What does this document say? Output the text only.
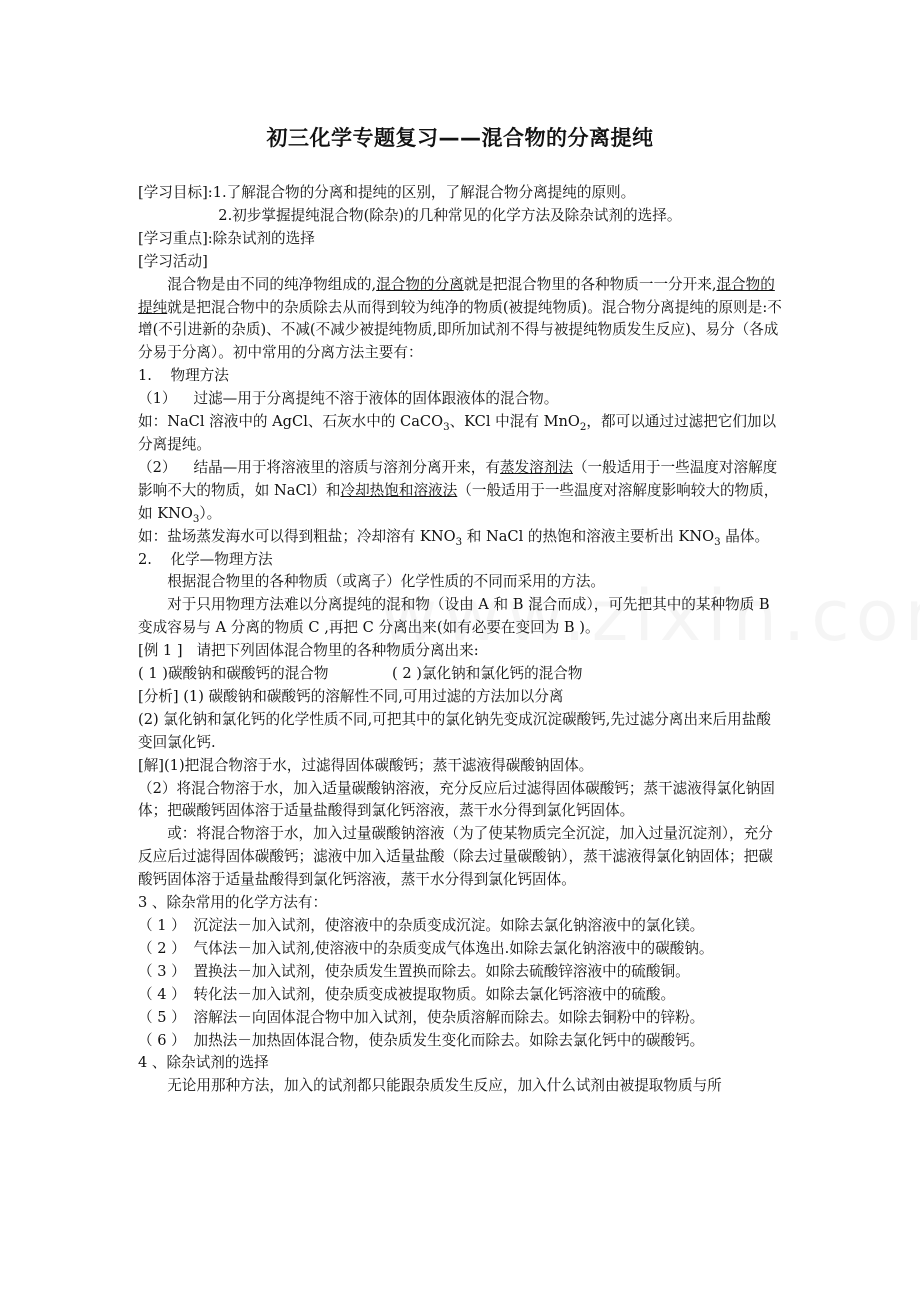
初三化学专题复习——混合物的分离提纯

[学习目标]:1.了解混合物的分离和提纯的区别，了解混合物分离提纯的原则。

2.初步掌握提纯混合物(除杂)的几种常见的化学方法及除杂试剂的选择。

[学习重点]:除杂试剂的选择

[学习活动]

混合物是由不同的纯净物组成的,混合物的分离就是把混合物里的各种物质一一分开来,混合物的提纯就是把混合物中的杂质除去从而得到较为纯净的物质(被提纯物质)。混合物分离提纯的原则是:不增(不引进新的杂质)、不减(不减少被提纯物质,即所加试剂不得与被提纯物质发生反应)、易分（各成分易于分离）。初中常用的分离方法主要有：

1.    物理方法

（1） 过滤—用于分离提纯不溶于液体的固体跟液体的混合物。

如：NaCl 溶液中的 AgCl、石灰水中的 CaCO$_3$、KCl 中混有 MnO$_2$，都可以通过过滤把它们加以分离提纯。

（2） 结晶—用于将溶液里的溶质与溶剂分离开来，有蒸发溶剂法（一般适用于一些温度对溶解度影响不大的物质，如 NaCl）和冷却热饱和溶液法（一般适用于一些温度对溶解度影响较大的物质，如 $KNO_3$）。

如：盐场蒸发海水可以得到粗盐；冷却溶有 $KNO_3$ 和 NaCl 的热饱和溶液主要析出 $KNO_3$ 晶体。

2.    化学—物理方法

根据混合物里的各种物质（或离子）化学性质的不同而采用的方法。

对于只用物理方法难以分离提纯的混和物（设由 A 和 B 混合而成），可先把其中的某种物质 B 变成容易与 A 分离的物质 C ,再把 C 分离出来(如有必要在变回为 B )。

[例 1 ]   请把下列固体混合物里的各种物质分离出来:

( 1 )碳酸钠和碳酸钙的混合物	( 2 )氯化钠和氯化钙的混合物

[分析] (1) 碳酸钠和碳酸钙的溶解性不同,可用过滤的方法加以分离

(2) 氯化钠和氯化钙的化学性质不同,可把其中的氯化钠先变成沉淀碳酸钙,先过滤分离出来后用盐酸变回氯化钙.

[解](1)把混合物溶于水，过滤得固体碳酸钙；蒸干滤液得碳酸钠固体。

（2）将混合物溶于水，加入适量碳酸钠溶液，充分反应后过滤得固体碳酸钙；蒸干滤液得氯化钠固体；把碳酸钙固体溶于适量盐酸得到氯化钙溶液，蒸干水分得到氯化钙固体。

或：将混合物溶于水，加入过量碳酸钠溶液（为了使某物质完全沉淀，加入过量沉淀剂），充分反应后过滤得固体碳酸钙；滤液中加入适量盐酸（除去过量碳酸钠），蒸干滤液得氯化钠固体；把碳酸钙固体溶于适量盐酸得到氯化钙溶液，蒸干水分得到氯化钙固体。

3 、除杂常用的化学方法有：

（ 1 ） 沉淀法－加入试剂，使溶液中的杂质变成沉淀。如除去氯化钠溶液中的氯化镁。

（ 2 ） 气体法－加入试剂,使溶液中的杂质变成气体逸出.如除去氯化钠溶液中的碳酸钠。

（ 3 ） 置换法－加入试剂，使杂质发生置换而除去。如除去硫酸锌溶液中的硫酸铜。

（ 4 ） 转化法－加入试剂，使杂质变成被提取物质。如除去氯化钙溶液中的硫酸。

（ 5 ） 溶解法－向固体混合物中加入试剂，使杂质溶解而除去。如除去铜粉中的锌粉。

（ 6 ） 加热法－加热固体混合物，使杂质发生变化而除去。如除去氯化钙中的碳酸钙。

4 、除杂试剂的选择

无论用那种方法，加入的试剂都只能跟杂质发生反应，加入什么试剂由被提取物质与所
